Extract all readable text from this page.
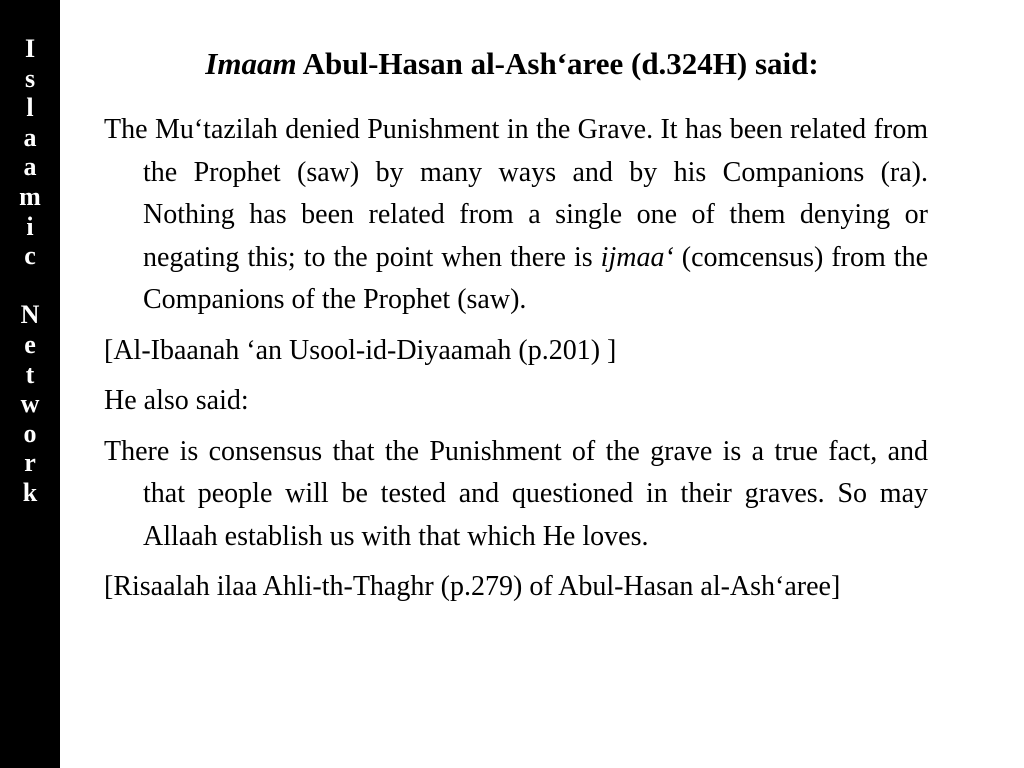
I
s
l
a
a
m
i
c

N
e
t
w
o
r
k
Imaam Abul-Hasan al-Ash‘aree (d.324H) said:

The Mu‘tazilah denied Punishment in the Grave. It has been related from the Prophet (saw) by many ways and by his Companions (ra). Nothing has been related from a single one of them denying or negating this; to the point when there is ijmaa‘ (comcensus) from the Companions of the Prophet (saw).

[Al-Ibaanah ‘an Usool-id-Diyaamah (p.201) ]

He also said:

There is consensus that the Punishment of the grave is a true fact, and that people will be tested and questioned in their graves. So may Allaah establish us with that which He loves.

[Risaalah ilaa Ahli-th-Thaghr (p.279) of Abul-Hasan al-Ash‘aree]
